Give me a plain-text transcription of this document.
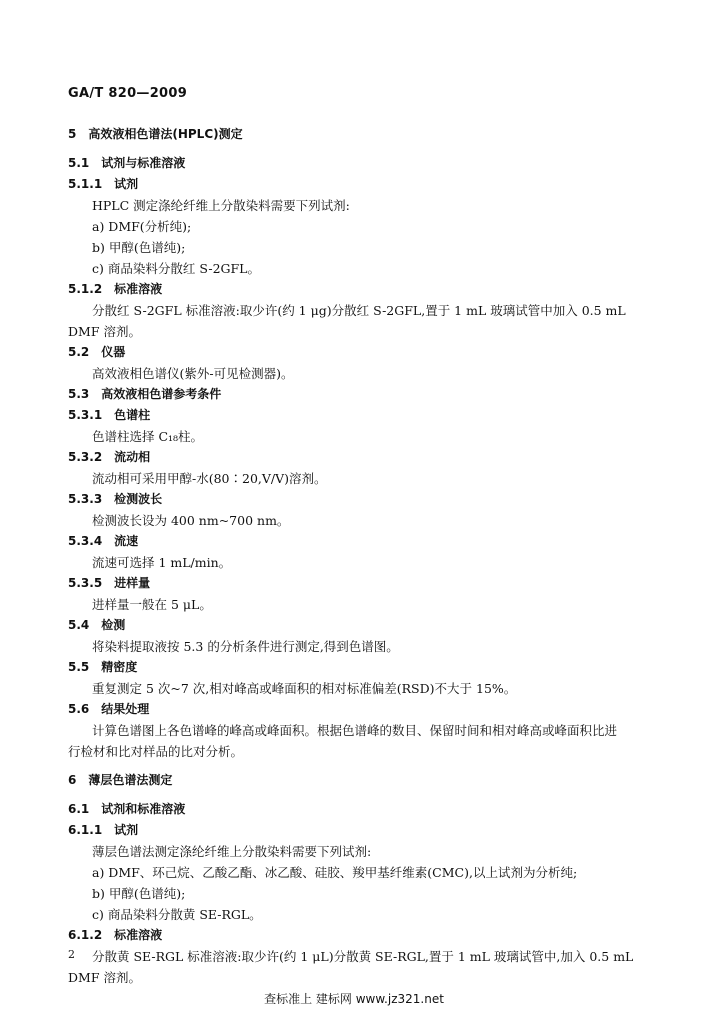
GA/T 820—2009
5 高效液相色谱法(HPLC)测定
5.1 试剂与标准溶液
5.1.1 试剂
HPLC 测定涤纶纤维上分散染料需要下列试剂:
a) DMF(分析纯);
b) 甲醇(色谱纯);
c) 商品染料分散红 S-2GFL。
5.1.2 标准溶液
分散红 S-2GFL 标准溶液:取少许(约 1 μg)分散红 S-2GFL,置于 1 mL 玻璃试管中加入 0.5 mL
DMF 溶剂。
5.2 仪器
高效液相色谱仪(紫外-可见检测器)。
5.3 高效液相色谱参考条件
5.3.1 色谱柱
色谱柱选择 C₁₈柱。
5.3.2 流动相
流动相可采用甲醇-水(80∶20,V/V)溶剂。
5.3.3 检测波长
检测波长设为 400 nm~700 nm。
5.3.4 流速
流速可选择 1 mL/min。
5.3.5 进样量
进样量一般在 5 μL。
5.4 检测
将染料提取液按 5.3 的分析条件进行测定,得到色谱图。
5.5 精密度
重复测定 5 次~7 次,相对峰高或峰面积的相对标准偏差(RSD)不大于 15%。
5.6 结果处理
计算色谱图上各色谱峰的峰高或峰面积。根据色谱峰的数目、保留时间和相对峰高或峰面积比进
行检材和比对样品的比对分析。
6 薄层色谱法测定
6.1 试剂和标准溶液
6.1.1 试剂
薄层色谱法测定涤纶纤维上分散染料需要下列试剂:
a) DMF、环己烷、乙酸乙酯、冰乙酸、硅胶、羧甲基纤维素(CMC),以上试剂为分析纯;
b) 甲醇(色谱纯);
c) 商品染料分散黄 SE-RGL。
6.1.2 标准溶液
分散黄 SE-RGL 标准溶液:取少许(约 1 μL)分散黄 SE-RGL,置于 1 mL 玻璃试管中,加入 0.5 mL
DMF 溶剂。
2
查标准上 建标网 www.jz321.net
